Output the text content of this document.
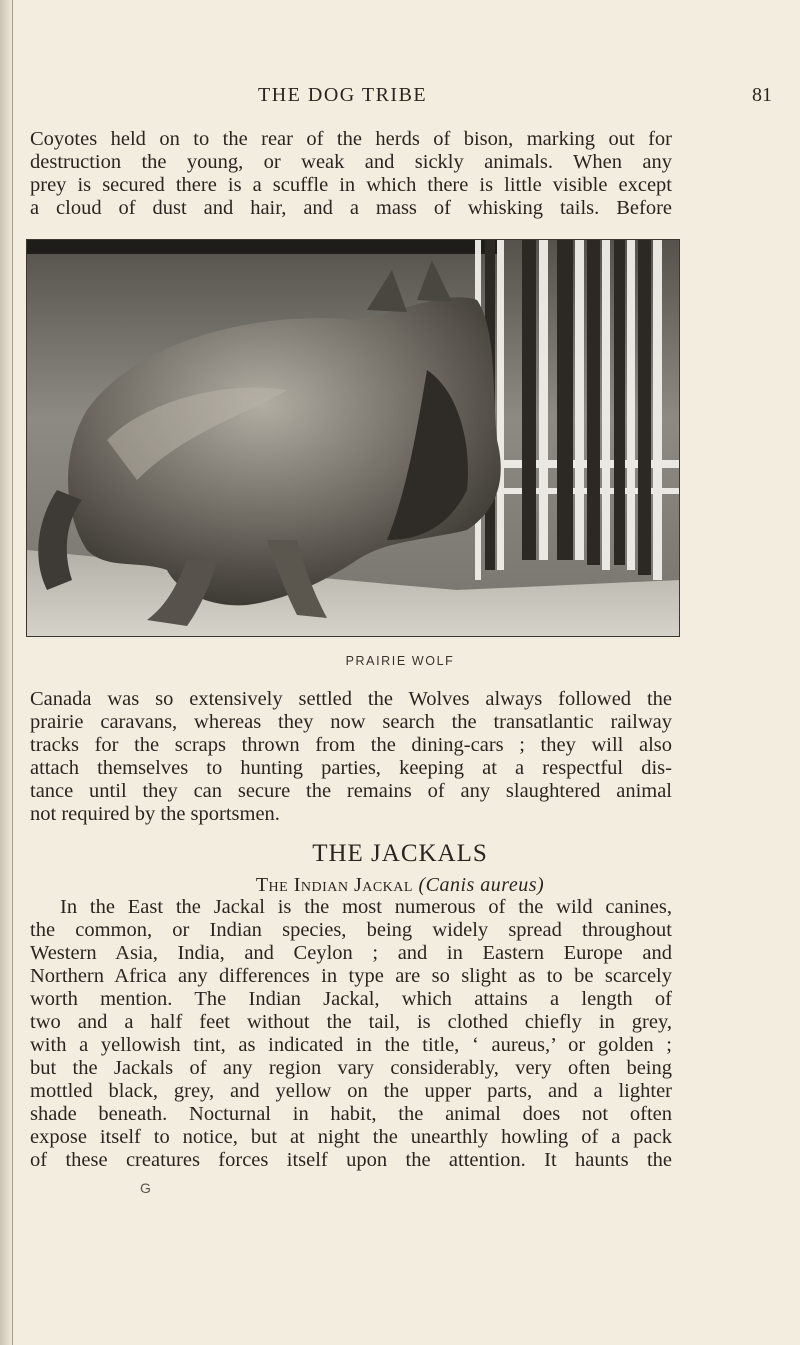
THE DOG TRIBE	81
Coyotes held on to the rear of the herds of bison, marking out for
destruction the young, or weak and sickly animals. When any
prey is secured there is a scuffle in which there is little visible except
a cloud of dust and hair, and a mass of whisking tails. Before
PRAIRIE WOLF
Canada was so extensively settled the Wolves always followed the
prairie caravans, whereas they now search the transatlantic railway
tracks for the scraps thrown from the dining-cars ; they will also
attach themselves to hunting parties, keeping at a respectful dis-
tance until they can secure the remains of any slaughtered animal
not required by the sportsmen.
THE JACKALS
The Indian Jackal (Canis aureus)
In the East the Jackal is the most numerous of the wild canines,
the common, or Indian species, being widely spread throughout
Western Asia, India, and Ceylon ; and in Eastern Europe and
Northern Africa any differences in type are so slight as to be scarcely
worth mention. The Indian Jackal, which attains a length of
two and a half feet without the tail, is clothed chiefly in grey,
with a yellowish tint, as indicated in the title, ‘ aureus,’ or golden ;
but the Jackals of any region vary considerably, very often being
mottled black, grey, and yellow on the upper parts, and a lighter
shade beneath. Nocturnal in habit, the animal does not often
expose itself to notice, but at night the unearthly howling of a pack
of these creatures forces itself upon the attention. It haunts the
G
